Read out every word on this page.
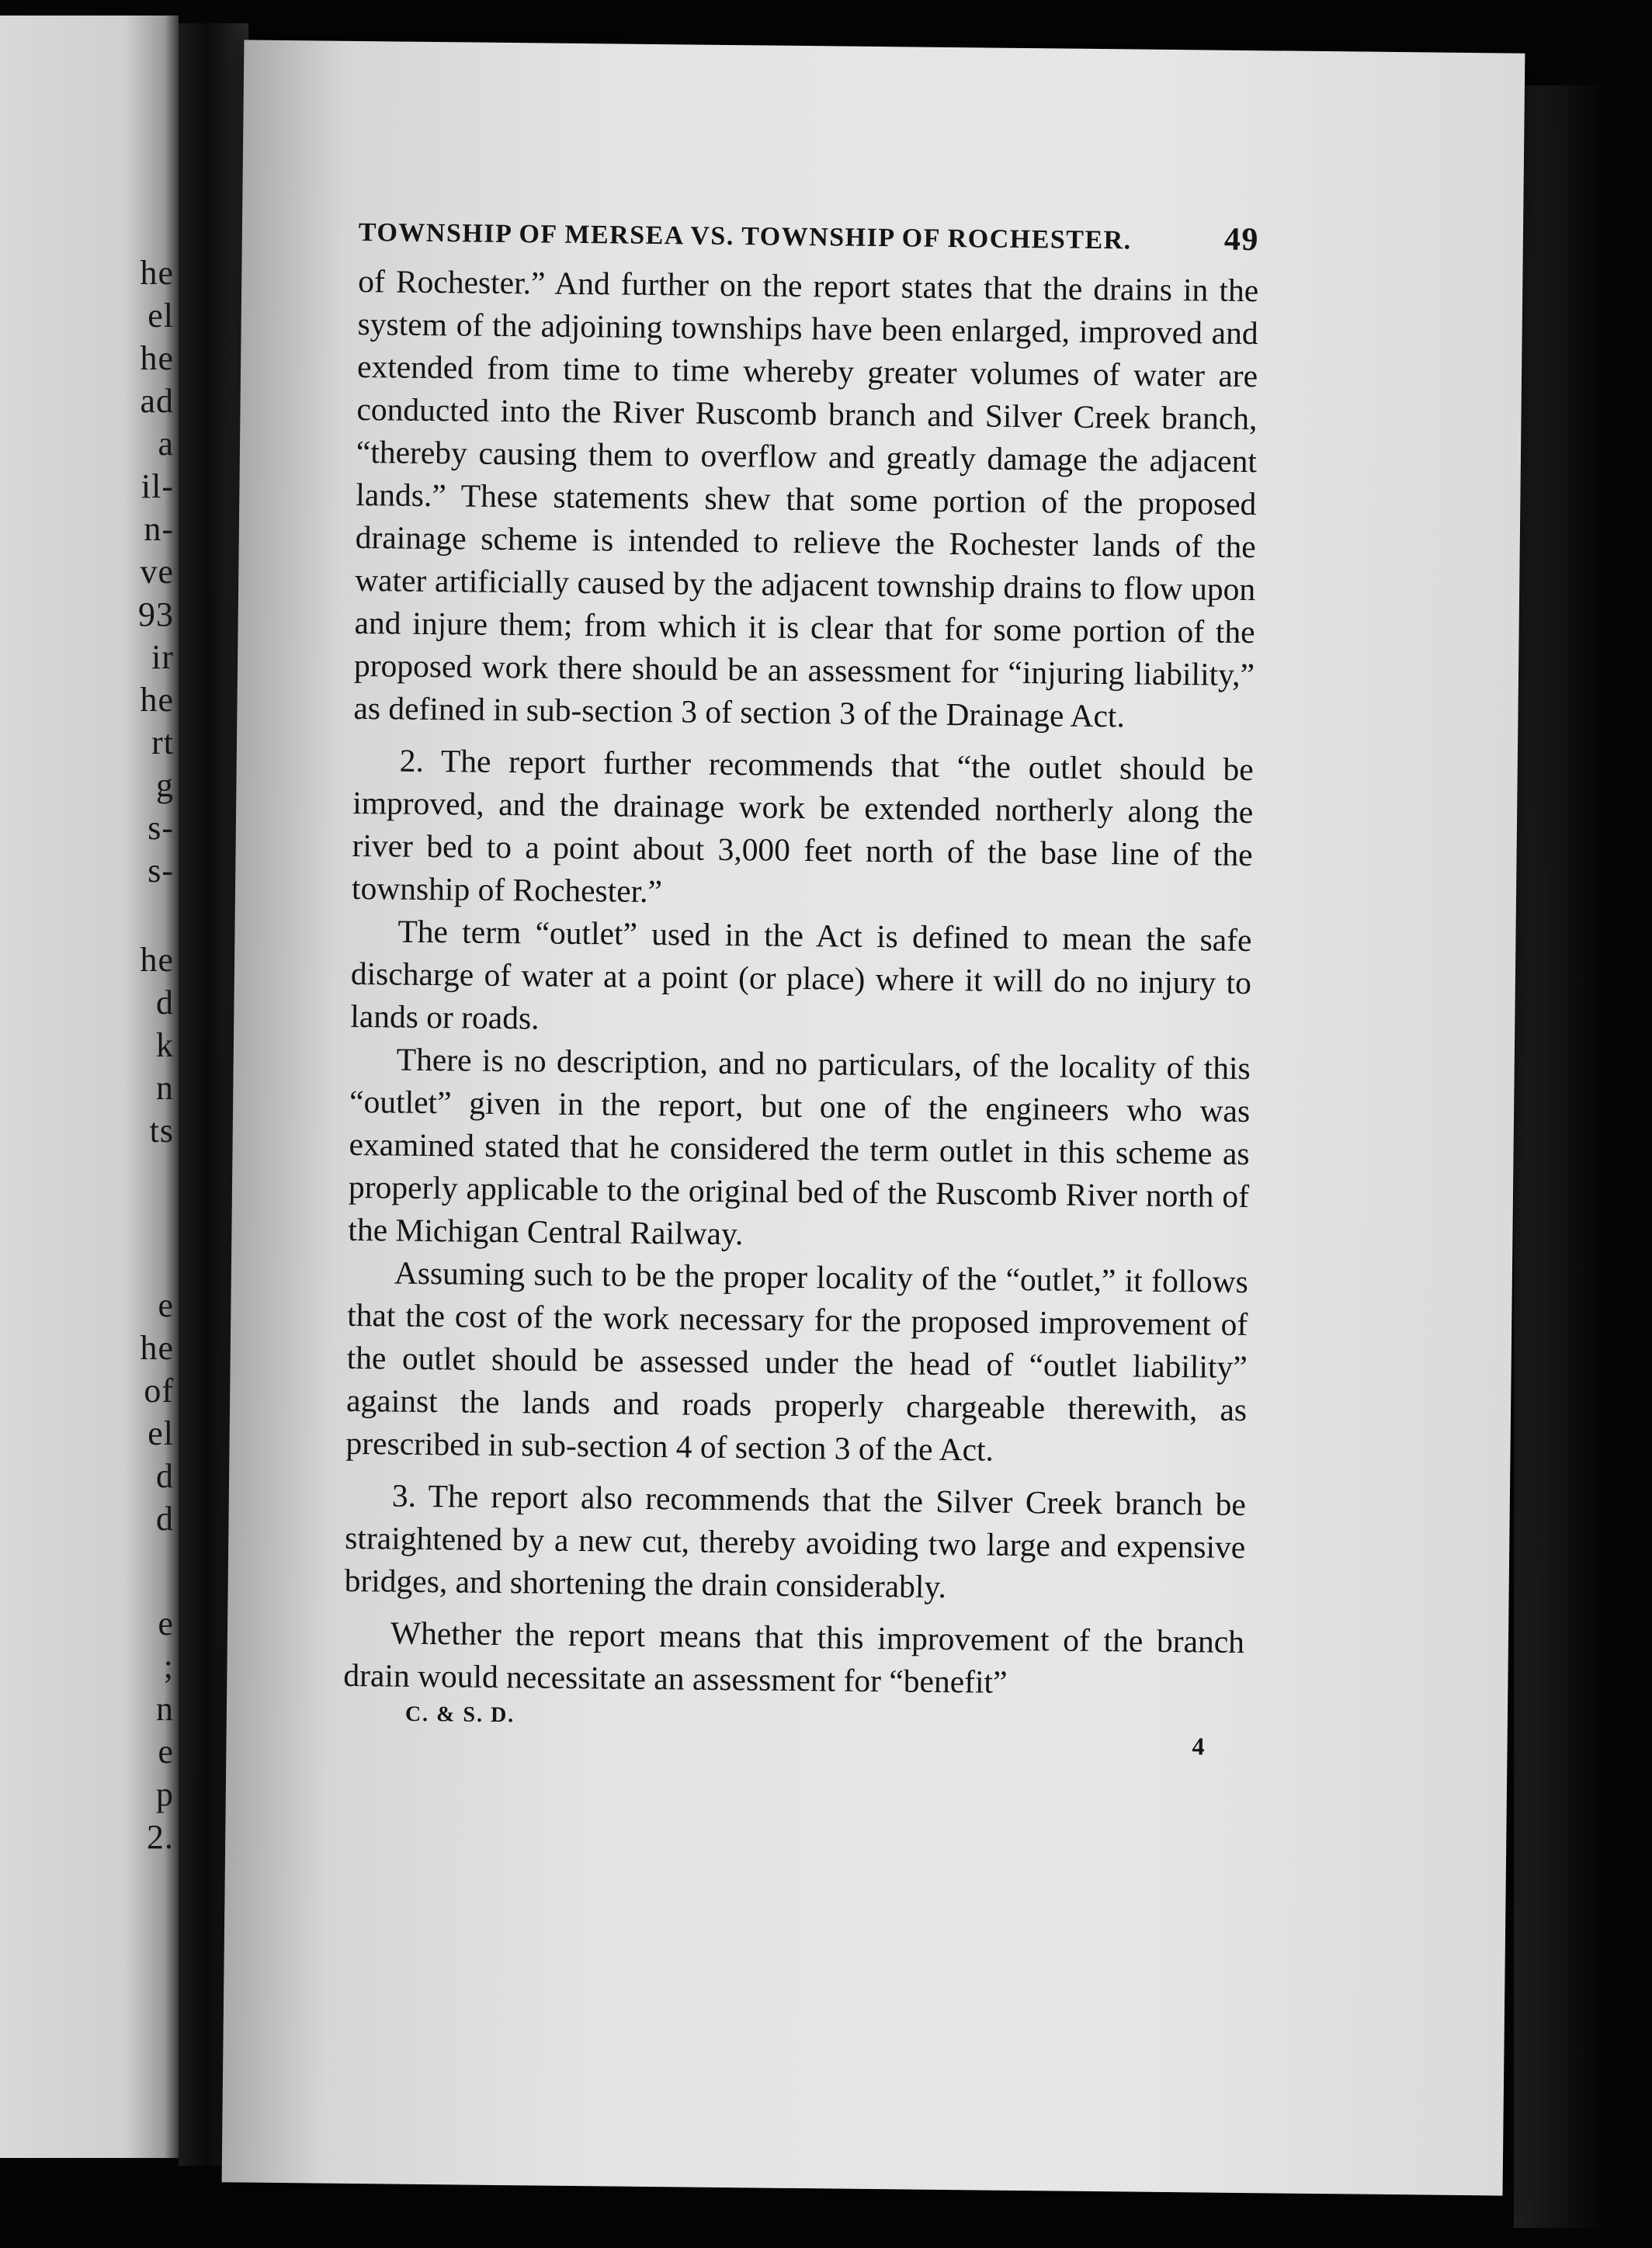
he
el
he
ad
a
il-
n-
ve
93
ir
he
rt
g
s-
s-
he
d
k
n
ts
e
he
of
el
d
d
e
;
n
e
p
2.
TOWNSHIP OF MERSEA VS. TOWNSHIP OF ROCHESTER.	49

of Rochester.” And further on the report states that the drains in the system of the adjoining townships have been enlarged, improved and extended from time to time whereby greater volumes of water are conducted into the River Ruscomb branch and Silver Creek branch, “thereby causing them to overflow and greatly damage the adjacent lands.” These statements shew that some portion of the proposed drainage scheme is intended to relieve the Rochester lands of the water artificially caused by the adjacent township drains to flow upon and injure them; from which it is clear that for some portion of the proposed work there should be an assessment for “injuring liability,” as defined in sub-section 3 of section 3 of the Drainage Act.

2. The report further recommends that “the outlet should be improved, and the drainage work be extended northerly along the river bed to a point about 3,000 feet north of the base line of the township of Rochester.”

The term “outlet” used in the Act is defined to mean the safe discharge of water at a point (or place) where it will do no injury to lands or roads.

There is no description, and no particulars, of the locality of this “outlet” given in the report, but one of the engineers who was examined stated that he considered the term outlet in this scheme as properly applicable to the original bed of the Ruscomb River north of the Michigan Central Railway.

Assuming such to be the proper locality of the “outlet,” it follows that the cost of the work necessary for the proposed improvement of the outlet should be assessed under the head of “outlet liability” against the lands and roads properly chargeable therewith, as prescribed in sub-section 4 of section 3 of the Act.

3. The report also recommends that the Silver Creek branch be straightened by a new cut, thereby avoiding two large and expensive bridges, and shortening the drain considerably.

Whether the report means that this improvement of the branch drain would necessitate an assessment for “benefit”

C. & S. D.
4
